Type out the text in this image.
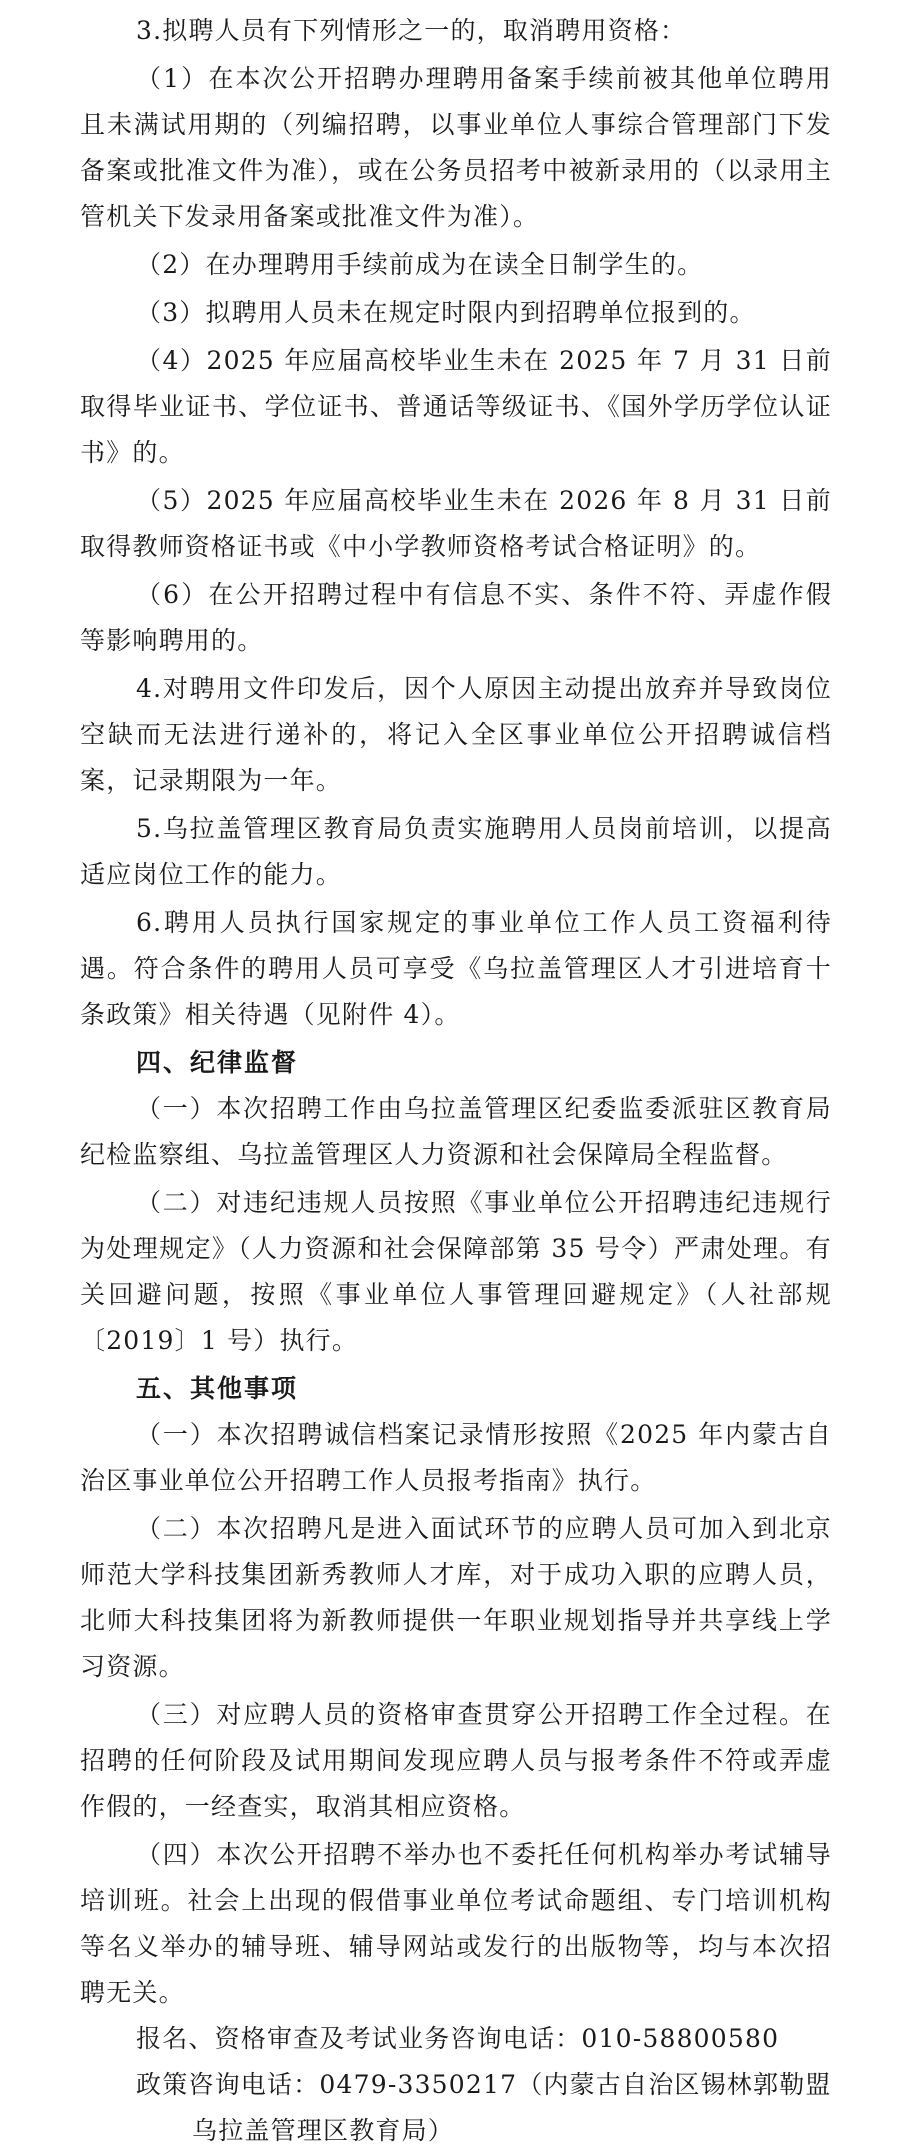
3.拟聘人员有下列情形之一的，取消聘用资格：

（1）在本次公开招聘办理聘用备案手续前被其他单位聘用且未满试用期的（列编招聘，以事业单位人事综合管理部门下发备案或批准文件为准），或在公务员招考中被新录用的（以录用主管机关下发录用备案或批准文件为准）。

（2）在办理聘用手续前成为在读全日制学生的。

（3）拟聘用人员未在规定时限内到招聘单位报到的。

（4）2025 年应届高校毕业生未在 2025 年 7 月 31 日前取得毕业证书、学位证书、普通话等级证书、《国外学历学位认证书》的。

（5）2025 年应届高校毕业生未在 2026 年 8 月 31 日前取得教师资格证书或《中小学教师资格考试合格证明》的。

（6）在公开招聘过程中有信息不实、条件不符、弄虚作假等影响聘用的。

4.对聘用文件印发后，因个人原因主动提出放弃并导致岗位空缺而无法进行递补的，将记入全区事业单位公开招聘诚信档案，记录期限为一年。

5.乌拉盖管理区教育局负责实施聘用人员岗前培训，以提高适应岗位工作的能力。

6.聘用人员执行国家规定的事业单位工作人员工资福利待遇。符合条件的聘用人员可享受《乌拉盖管理区人才引进培育十条政策》相关待遇（见附件 4）。

四、纪律监督

（一）本次招聘工作由乌拉盖管理区纪委监委派驻区教育局纪检监察组、乌拉盖管理区人力资源和社会保障局全程监督。

（二）对违纪违规人员按照《事业单位公开招聘违纪违规行为处理规定》（人力资源和社会保障部第 35 号令）严肃处理。有关回避问题，按照《事业单位人事管理回避规定》（人社部规〔2019〕1 号）执行。

五、其他事项

（一）本次招聘诚信档案记录情形按照《2025 年内蒙古自治区事业单位公开招聘工作人员报考指南》执行。

（二）本次招聘凡是进入面试环节的应聘人员可加入到北京师范大学科技集团新秀教师人才库，对于成功入职的应聘人员，北师大科技集团将为新教师提供一年职业规划指导并共享线上学习资源。

（三）对应聘人员的资格审查贯穿公开招聘工作全过程。在招聘的任何阶段及试用期间发现应聘人员与报考条件不符或弄虚作假的，一经查实，取消其相应资格。

（四）本次公开招聘不举办也不委托任何机构举办考试辅导培训班。社会上出现的假借事业单位考试命题组、专门培训机构等名义举办的辅导班、辅导网站或发行的出版物等，均与本次招聘无关。

报名、资格审查及考试业务咨询电话：010-58800580

政策咨询电话：0479-3350217（内蒙古自治区锡林郭勒盟乌拉盖管理区教育局）
